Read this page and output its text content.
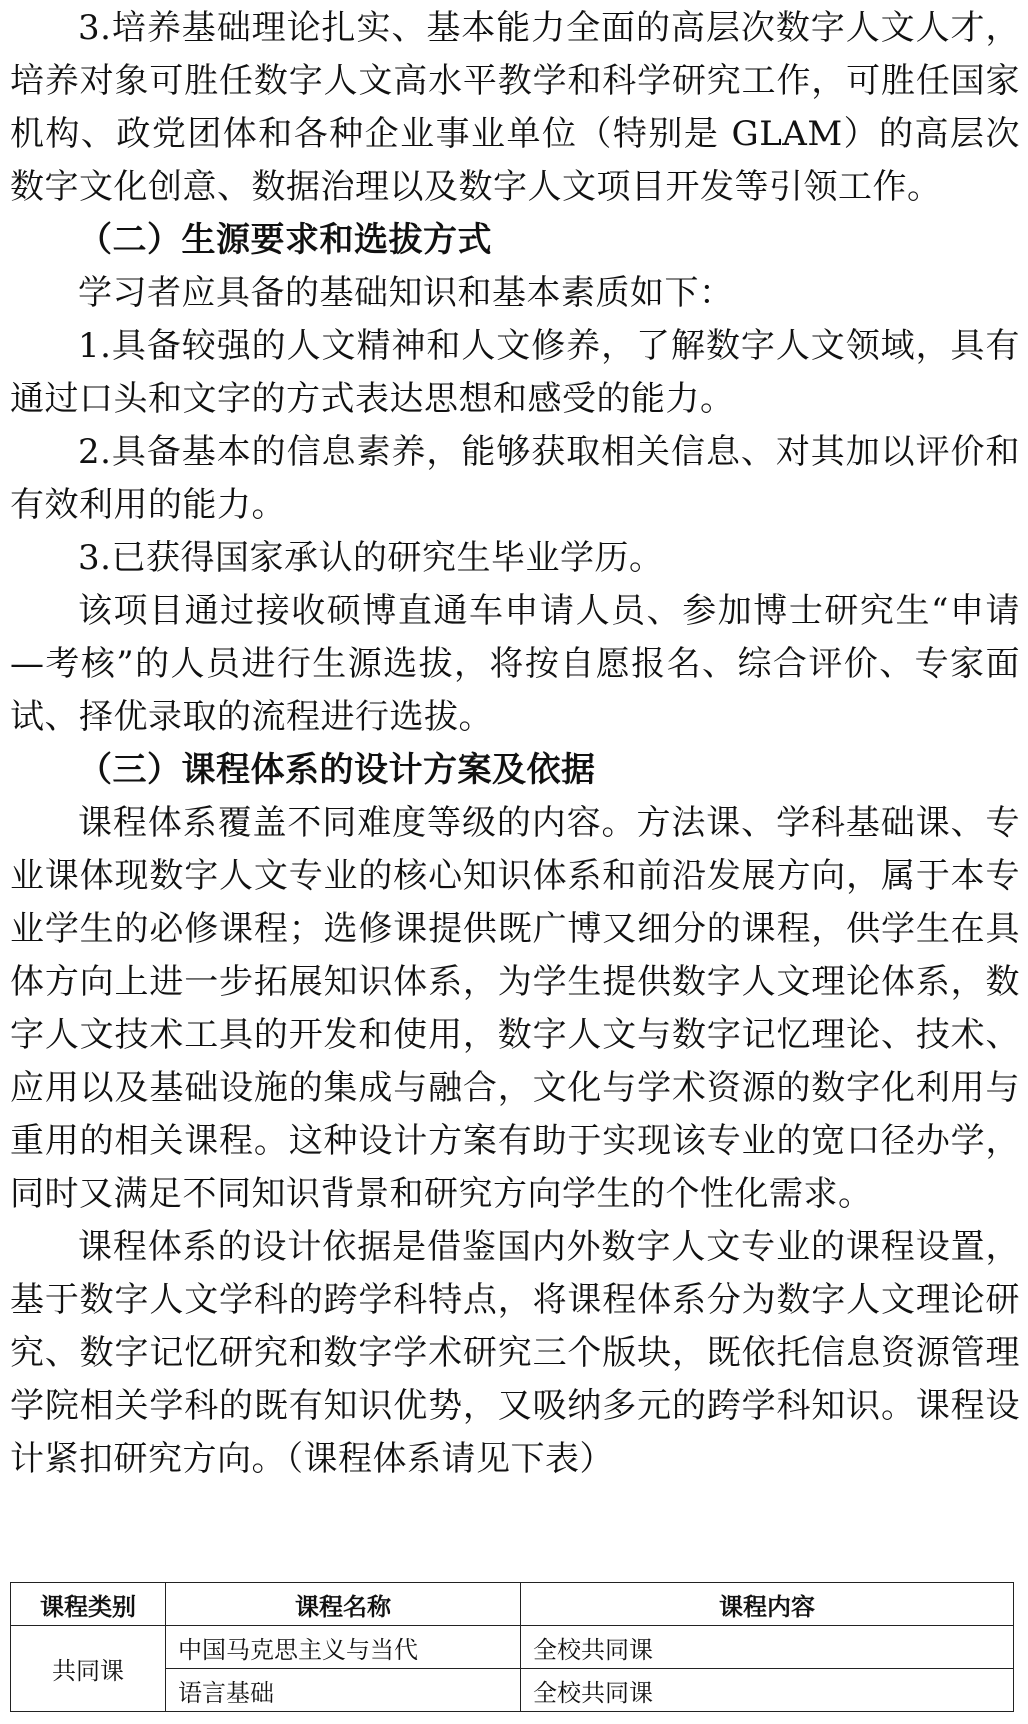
3.培养基础理论扎实、基本能力全面的高层次数字人文人才，培养对象可胜任数字人文高水平教学和科学研究工作，可胜任国家机构、政党团体和各种企业事业单位（特别是 GLAM）的高层次数字文化创意、数据治理以及数字人文项目开发等引领工作。

（二）生源要求和选拔方式

学习者应具备的基础知识和基本素质如下：

1.具备较强的人文精神和人文修养，了解数字人文领域，具有通过口头和文字的方式表达思想和感受的能力。

2.具备基本的信息素养，能够获取相关信息、对其加以评价和有效利用的能力。

3.已获得国家承认的研究生毕业学历。

该项目通过接收硕博直通车申请人员、参加博士研究生“申请—考核”的人员进行生源选拔，将按自愿报名、综合评价、专家面试、择优录取的流程进行选拔。

（三）课程体系的设计方案及依据

课程体系覆盖不同难度等级的内容。方法课、学科基础课、专业课体现数字人文专业的核心知识体系和前沿发展方向，属于本专业学生的必修课程；选修课提供既广博又细分的课程，供学生在具体方向上进一步拓展知识体系，为学生提供数字人文理论体系，数字人文技术工具的开发和使用，数字人文与数字记忆理论、技术、应用以及基础设施的集成与融合，文化与学术资源的数字化利用与重用的相关课程。这种设计方案有助于实现该专业的宽口径办学，同时又满足不同知识背景和研究方向学生的个性化需求。

课程体系的设计依据是借鉴国内外数字人文专业的课程设置，基于数字人文学科的跨学科特点，将课程体系分为数字人文理论研究、数字记忆研究和数字学术研究三个版块，既依托信息资源管理学院相关学科的既有知识优势，又吸纳多元的跨学科知识。课程设计紧扣研究方向。（课程体系请见下表）

课程类别	课程名称	课程内容
共同课	中国马克思主义与当代	全校共同课
	语言基础	全校共同课
